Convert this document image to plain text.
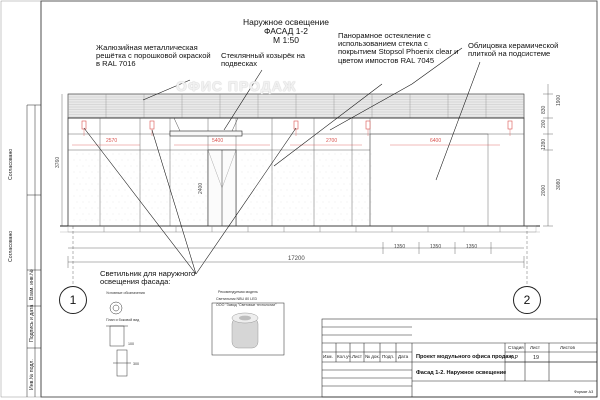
Наружное освещение
ФАСАД 1-2
М 1:50
ОФИС ПРОДАЖ
Жалюзийная металлическая
решётка с порошковой окраской
в RAL 7016
Стеклянный козырёк на
подвесках
Панорамное остекление с
использованием стекла с
покрытием Stopsol Phoenix clear и
цветом импостов RAL 7045
Облицовка керамической
плиткой на подсистеме
Светильник для наружного
освещения фасада:
17200
2570	5400	2700	6400
1350	1350	1350
2400
3760
1900
830
200
1280
3080
2000
1	2
Согласовано
Согласовано
Взам. инв.№
Подпись и дата
Инв.№ подл.
Условные обозначения
План и боковой вид
100
300
Рекомендуемая модель
Светильник NBU 80 LED
ООО "Завод "Световые технологии"
Изм. Кол.уч. Лист № док. Подп. Дата Проект модульного офиса продаж
Фасад 1-2. Наружное освещение
Стадия Лист	Листов
АР	19
Формат А3
